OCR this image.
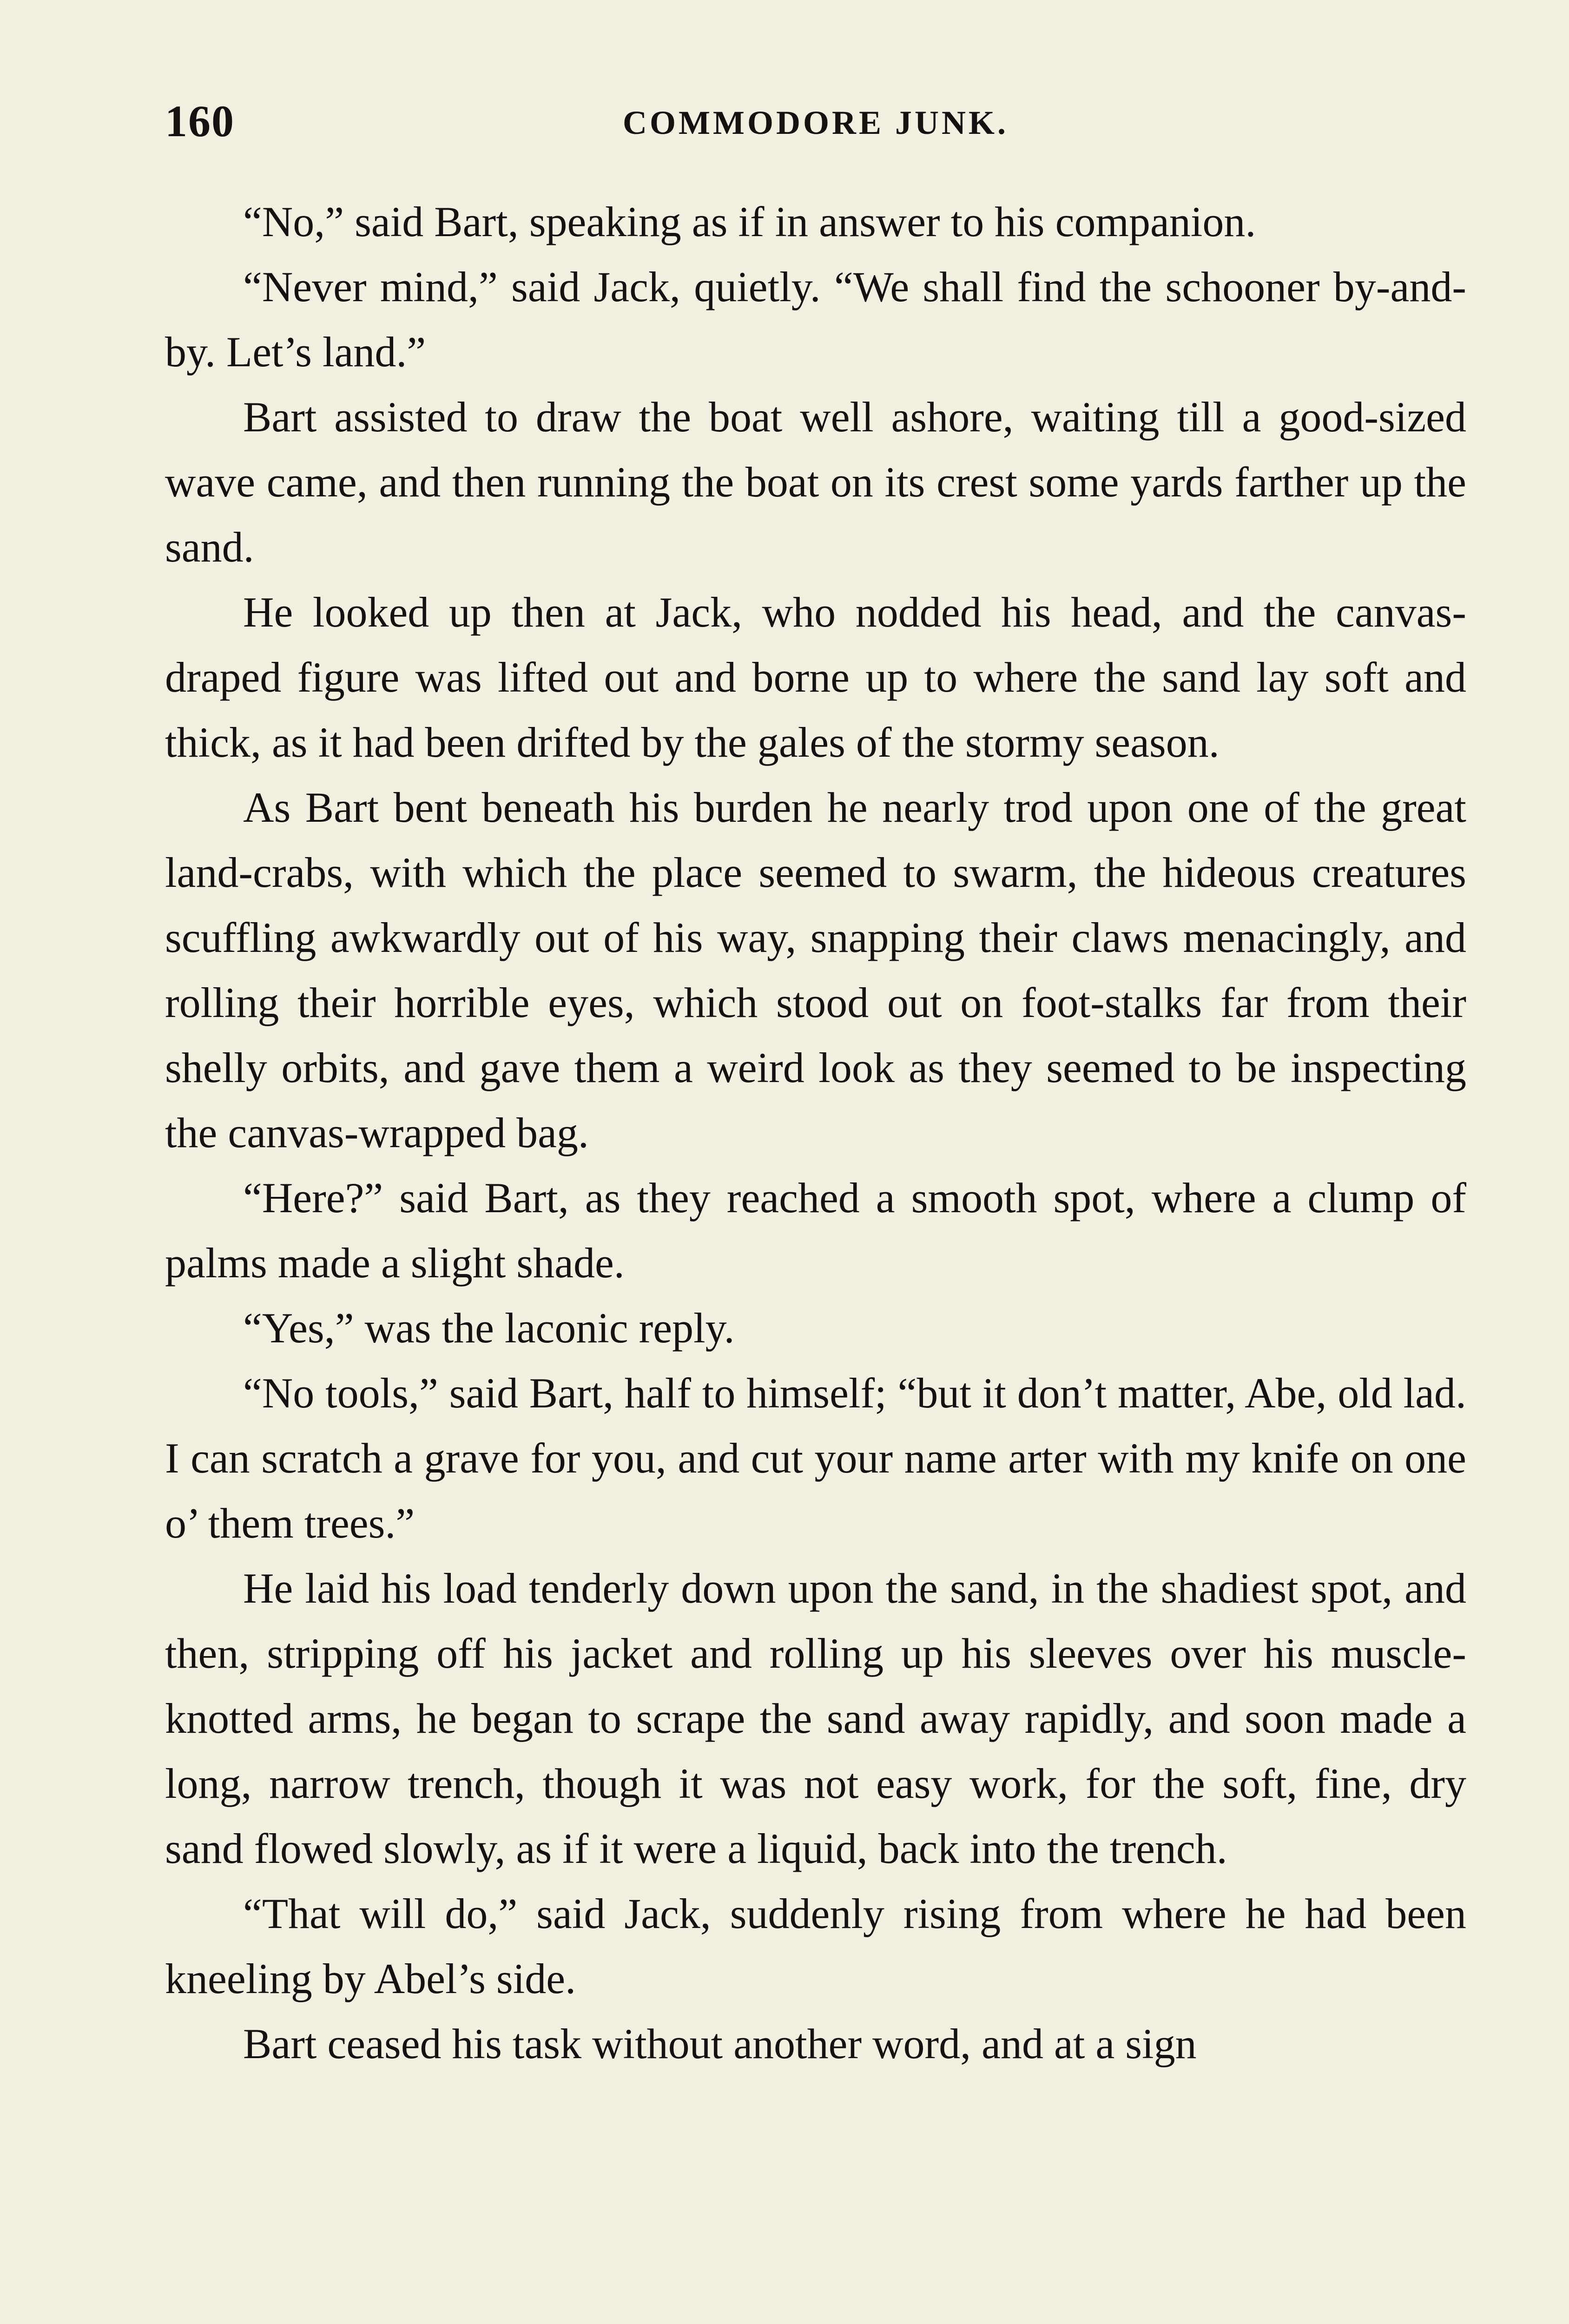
160	COMMODORE JUNK.

“No,” said Bart, speaking as if in answer to his companion.

“Never mind,” said Jack, quietly. “We shall find the schooner by-and-by. Let’s land.”

Bart assisted to draw the boat well ashore, waiting till a good-sized wave came, and then running the boat on its crest some yards farther up the sand.

He looked up then at Jack, who nodded his head, and the canvas-draped figure was lifted out and borne up to where the sand lay soft and thick, as it had been drifted by the gales of the stormy season.

As Bart bent beneath his burden he nearly trod upon one of the great land-crabs, with which the place seemed to swarm, the hideous creatures scuffling awkwardly out of his way, snapping their claws menacingly, and rolling their horrible eyes, which stood out on foot-stalks far from their shelly orbits, and gave them a weird look as they seemed to be inspecting the canvas-wrapped bag.

“Here?” said Bart, as they reached a smooth spot, where a clump of palms made a slight shade.

“Yes,” was the laconic reply.

“No tools,” said Bart, half to himself; “but it don’t matter, Abe, old lad. I can scratch a grave for you, and cut your name arter with my knife on one o’ them trees.”

He laid his load tenderly down upon the sand, in the shadiest spot, and then, stripping off his jacket and rolling up his sleeves over his muscle-knotted arms, he began to scrape the sand away rapidly, and soon made a long, narrow trench, though it was not easy work, for the soft, fine, dry sand flowed slowly, as if it were a liquid, back into the trench.

“That will do,” said Jack, suddenly rising from where he had been kneeling by Abel’s side.

Bart ceased his task without another word, and at a sign
